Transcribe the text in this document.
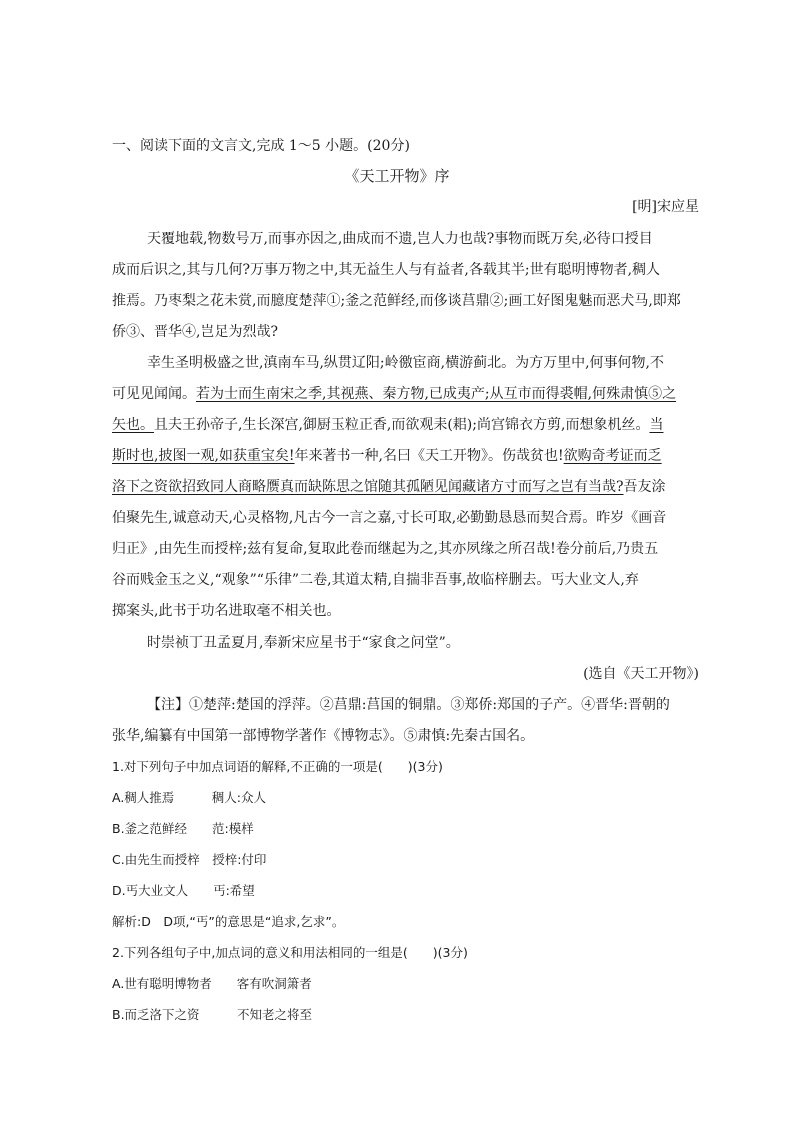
一、阅读下面的文言文,完成 1～5 小题。(20分)
《天工开物》序
[明]宋应星
天覆地载,物数号万,而事亦因之,曲成而不遗,岂人力也哉?事物而既万矣,必待口授目
成而后识之,其与几何?万事万物之中,其无益生人与有益者,各载其半;世有聪明博物者,稠人
推焉。乃枣梨之花未赏,而臆度楚萍①;釜之范鲜经,而侈谈莒鼎②;画工好图鬼魅而恶犬马,即郑
侨③、晋华④,岂足为烈哉?
幸生圣明极盛之世,滇南车马,纵贯辽阳;岭徼宦商,横游蓟北。为方万里中,何事何物,不
可见见闻闻。若为士而生南宋之季,其视燕、秦方物,已成夷产;从互市而得裘帽,何殊肃慎⑤之
矢也。且夫王孙帝子,生长深宫,御厨玉粒正香,而欲观耒(耜);尚宫锦衣方剪,而想象机丝。当
斯时也,披图一观,如获重宝矣!年来著书一种,名曰《天工开物》。伤哉贫也!欲购奇考证而乏
洛下之资欲招致同人商略赝真而缺陈思之馆随其孤陋见闻藏诸方寸而写之岂有当哉?吾友涂
伯聚先生,诚意动天,心灵格物,凡古今一言之嘉,寸长可取,必勤勤恳恳而契合焉。昨岁《画音
归正》,由先生而授梓;兹有复命,复取此卷而继起为之,其亦夙缘之所召哉!卷分前后,乃贵五
谷而贱金玉之义,“观象”“乐律”二卷,其道太精,自揣非吾事,故临梓删去。丐大业文人,弃
掷案头,此书于功名进取毫不相关也。
时崇祯丁丑孟夏月,奉新宋应星书于“家食之问堂”。
(选自《天工开物》)
【注】①楚萍:楚国的浮萍。②莒鼎:莒国的铜鼎。③郑侨:郑国的子产。④晋华:晋朝的
张华,编纂有中国第一部博物学著作《博物志》。⑤肃慎:先秦古国名。
1.对下列句子中加点词语的解释,不正确的一项是(　　)(3分)
A.稠人推焉　　　稠人:众人
B.釜之范鲜经　　范:模样
C.由先生而授梓　授梓:付印
D.丐大业文人　　丐:希望
解析:D　D项,“丐”的意思是“追求,乞求”。
2.下列各组句子中,加点词的意义和用法相同的一组是(　　)(3分)
A.世有聪明博物者　　客有吹洞箫者
B.而乏洛下之资　　　不知老之将至
